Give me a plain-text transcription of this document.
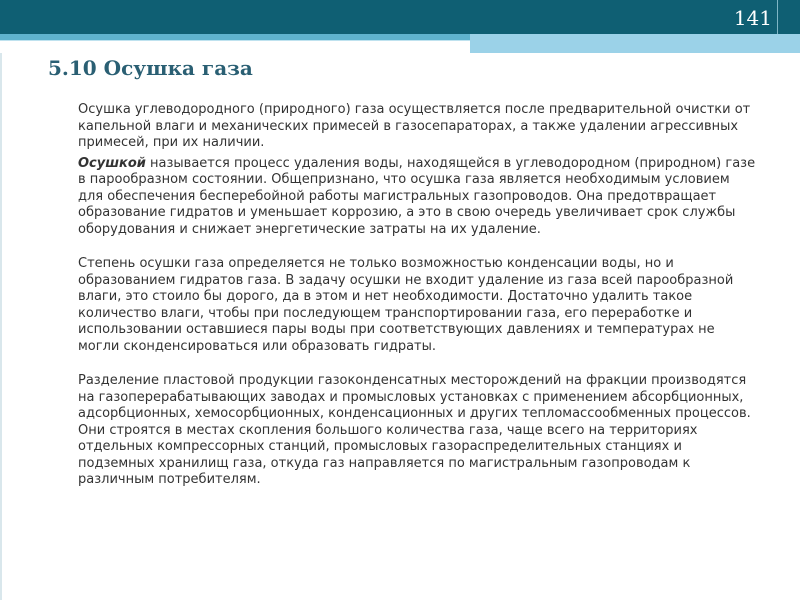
141
5.10 Осушка газа

Осушка углеводородного (природного) газа осуществляется после предварительной очистки от капельной влаги и механических примесей в газосепараторах, а также удалении агрессивных примесей, при их наличии.

Осушкой называется процесс удаления воды, находящейся в углеводородном (природном) газе в парообразном состоянии. Общепризнано, что осушка газа является необходимым условием для обеспечения бесперебойной работы магистральных газопроводов. Она предотвращает образование гидратов и уменьшает коррозию, а это в свою очередь увеличивает срок службы оборудования и снижает энергетические затраты на их удаление.

Степень осушки газа определяется не только возможностью конденсации воды, но и образованием гидратов газа. В задачу осушки не входит удаление из газа всей парообразной влаги, это стоило бы дорого, да в этом и нет необходимости. Достаточно удалить такое количество влаги, чтобы при последующем транспортировании газа, его переработке и использовании оставшиеся пары воды при соответствующих давлениях и температурах не могли сконденсироваться или образовать гидраты.

Разделение пластовой продукции газоконденсатных месторождений на фракции производятся на газоперерабатывающих заводах и промысловых установках с применением абсорбционных, адсорбционных, хемосорбционных, конденсационных и других тепломассообменных процессов. Они строятся в местах скопления большого количества газа, чаще всего на территориях отдельных компрессорных станций, промысловых газораспределительных станциях и подземных хранилищ газа, откуда газ направляется по магистральным газопроводам к различным потребителям.
